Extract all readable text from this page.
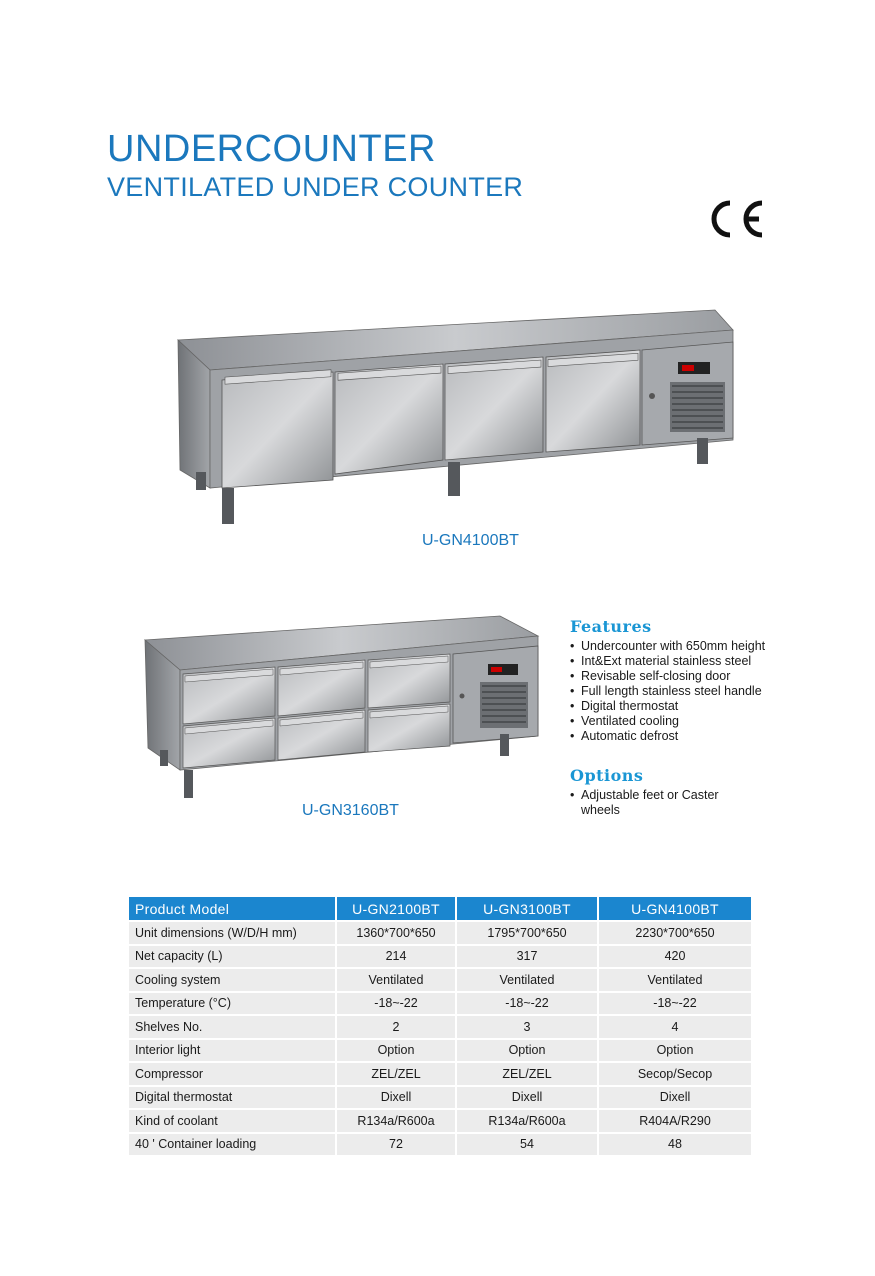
UNDERCOUNTER
VENTILATED UNDER COUNTER
U-GN4100BT
U-GN3160BT
Features
• Undercounter with 650mm height
• Int&Ext material stainless steel
• Revisable self-closing door
• Full length stainless steel handle
• Digital thermostat
• Ventilated cooling
• Automatic defrost
Options
• Adjustable feet or Caster wheels
Product Model	U-GN2100BT	U-GN3100BT	U-GN4100BT
Unit dimensions (W/D/H mm)	1360*700*650	1795*700*650	2230*700*650
Net capacity (L)	214	317	420
Cooling system	Ventilated	Ventilated	Ventilated
Temperature (°C)	-18~-22	-18~-22	-18~-22
Shelves No.	2	3	4
Interior light	Option	Option	Option
Compressor	ZEL/ZEL	ZEL/ZEL	Secop/Secop
Digital thermostat	Dixell	Dixell	Dixell
Kind of coolant	R134a/R600a	R134a/R600a	R404A/R290
40 ' Container loading	72	54	48
